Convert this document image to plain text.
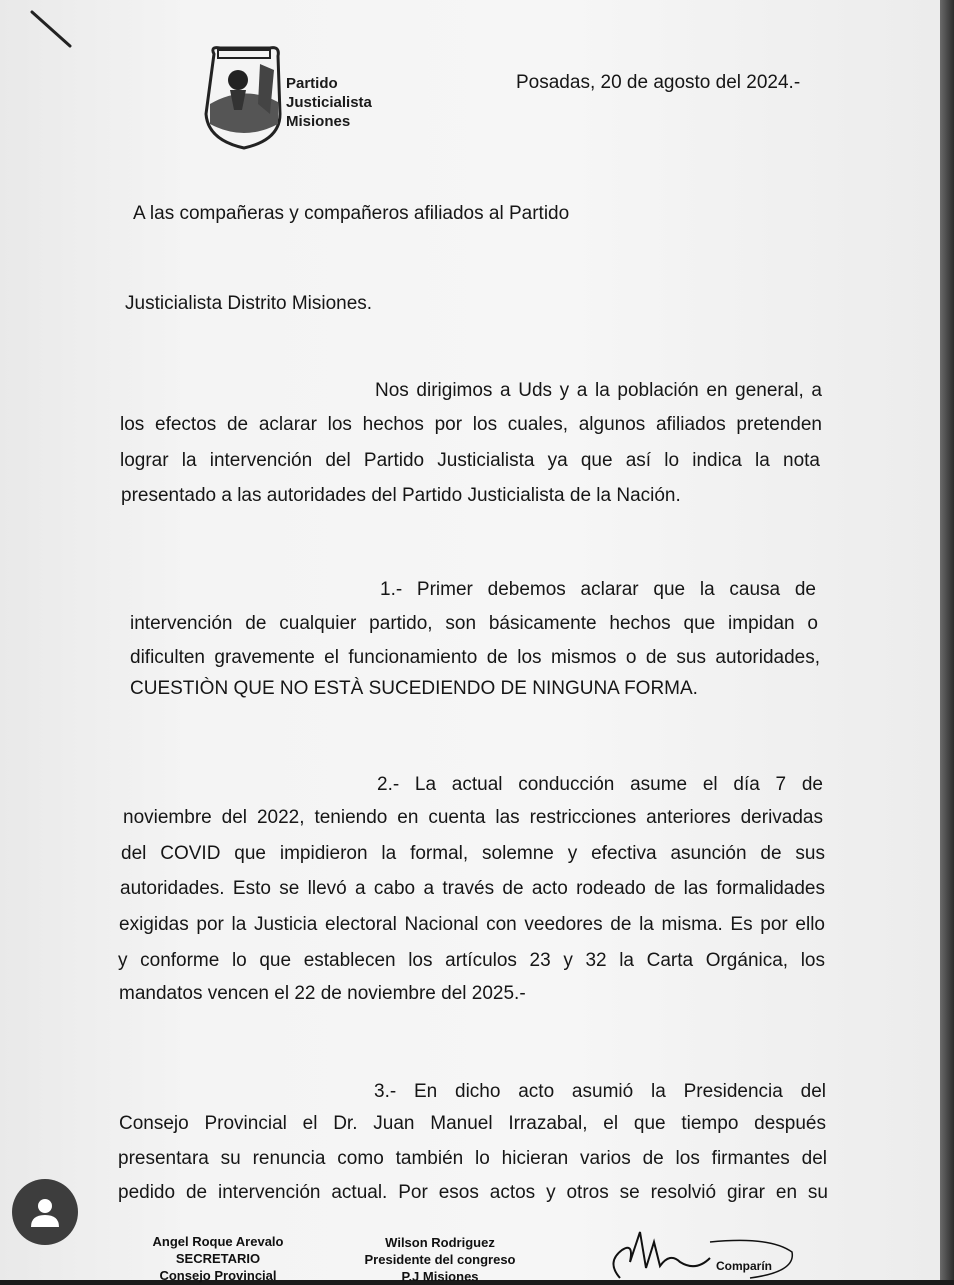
Partido
Justicialista
Misiones
Posadas, 20 de agosto del 2024.-
A las compañeras y compañeros afiliados al Partido
Justicialista Distrito Misiones.
Nos dirigimos a Uds y a la población en general, a
los efectos de aclarar los hechos por los cuales, algunos afiliados pretenden
lograr la intervención del Partido Justicialista ya que así lo indica la nota
presentado a las autoridades del Partido Justicialista de la Nación.
1.- Primer debemos aclarar que la causa de
intervención de cualquier partido, son básicamente hechos que impidan o
dificulten gravemente el funcionamiento de los mismos o de sus autoridades,
CUESTIÒN QUE NO ESTÀ SUCEDIENDO DE NINGUNA FORMA.
2.- La actual conducción asume el día 7 de
noviembre del 2022, teniendo en cuenta las restricciones anteriores derivadas
del COVID que impidieron la formal, solemne y efectiva asunción de sus
autoridades. Esto se llevó a cabo a través de acto rodeado de las formalidades
exigidas por la Justicia electoral Nacional con veedores de la misma. Es por ello
y conforme lo que establecen los artículos 23 y 32 la Carta Orgánica, los
mandatos vencen el 22 de noviembre del 2025.-
3.- En dicho acto asumió la Presidencia del
Consejo Provincial el Dr. Juan Manuel Irrazabal, el que tiempo después
presentara su renuncia como también lo hicieran varios de los firmantes del
pedido de intervención actual. Por esos actos y otros se resolvió girar en su
Angel Roque Arevalo
SECRETARIO
Consejo Provincial
Wilson Rodriguez
Presidente del congreso
P.J Misiones
Comparín
